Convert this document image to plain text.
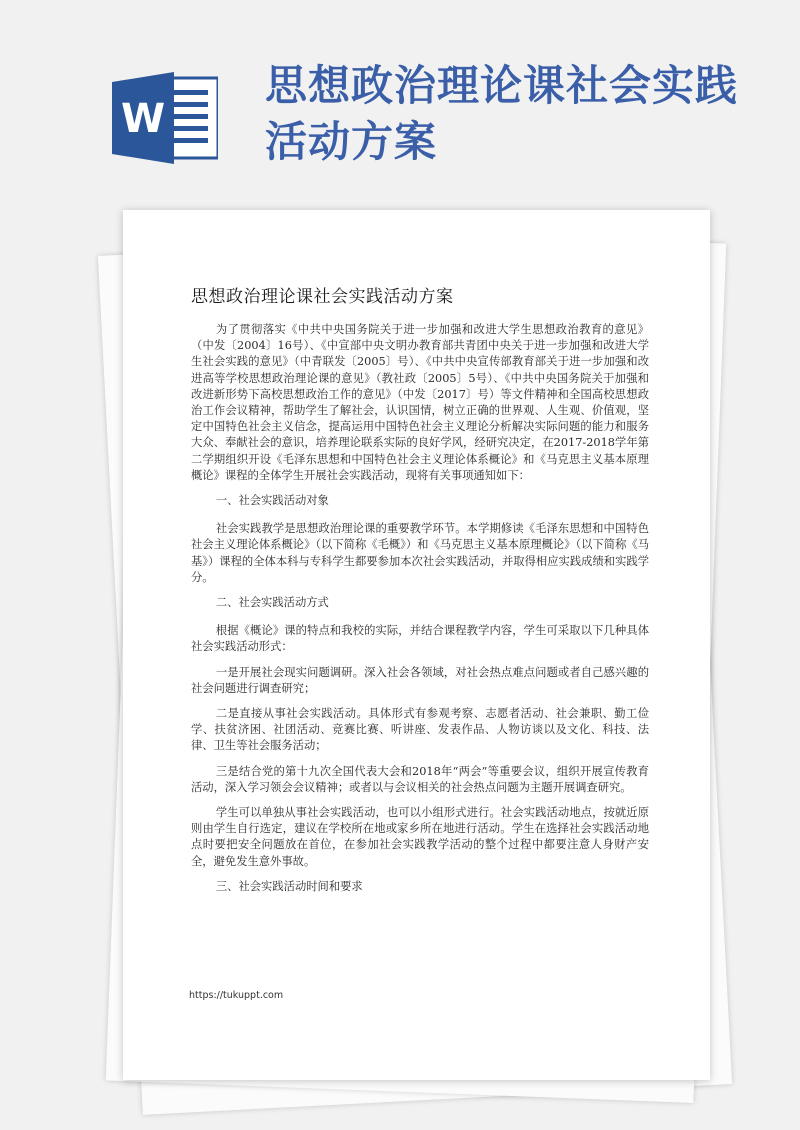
W
思想政治理论课社会实践活动方案
思想政治理论课社会实践活动方案

为了贯彻落实《中共中央国务院关于进一步加强和改进大学生思想政治教育的意见》（中发〔2004〕16号）、《中宣部中央文明办教育部共青团中央关于进一步加强和改进大学生社会实践的意见》（中青联发〔2005〕号）、《中共中央宣传部教育部关于进一步加强和改进高等学校思想政治理论课的意见》（教社政〔2005〕5号）、《中共中央国务院关于加强和改进新形势下高校思想政治工作的意见》（中发〔2017〕号）等文件精神和全国高校思想政治工作会议精神，帮助学生了解社会，认识国情，树立正确的世界观、人生观、价值观，坚定中国特色社会主义信念，提高运用中国特色社会主义理论分析解决实际问题的能力和服务大众、奉献社会的意识，培养理论联系实际的良好学风，经研究决定，在2017-2018学年第二学期组织开设《毛泽东思想和中国特色社会主义理论体系概论》和《马克思主义基本原理概论》课程的全体学生开展社会实践活动，现将有关事项通知如下：

一、社会实践活动对象

社会实践教学是思想政治理论课的重要教学环节。本学期修读《毛泽东思想和中国特色社会主义理论体系概论》（以下简称《毛概》）和《马克思主义基本原理概论》（以下简称《马基》）课程的全体本科与专科学生都要参加本次社会实践活动，并取得相应实践成绩和实践学分。

二、社会实践活动方式

根据《概论》课的特点和我校的实际，并结合课程教学内容，学生可采取以下几种具体社会实践活动形式：

一是开展社会现实问题调研。深入社会各领域，对社会热点难点问题或者自己感兴趣的社会问题进行调查研究；

二是直接从事社会实践活动。具体形式有参观考察、志愿者活动、社会兼职、勤工俭学、扶贫济困、社团活动、竞赛比赛、听讲座、发表作品、人物访谈以及文化、科技、法律、卫生等社会服务活动；

三是结合党的第十九次全国代表大会和2018年“两会”等重要会议，组织开展宣传教育活动，深入学习领会会议精神；或者以与会议相关的社会热点问题为主题开展调查研究。

学生可以单独从事社会实践活动，也可以小组形式进行。社会实践活动地点，按就近原则由学生自行选定，建议在学校所在地或家乡所在地进行活动。学生在选择社会实践活动地点时要把安全问题放在首位，在参加社会实践教学活动的整个过程中都要注意人身财产安全，避免发生意外事故。

三、社会实践活动时间和要求

https://tukuppt.com
